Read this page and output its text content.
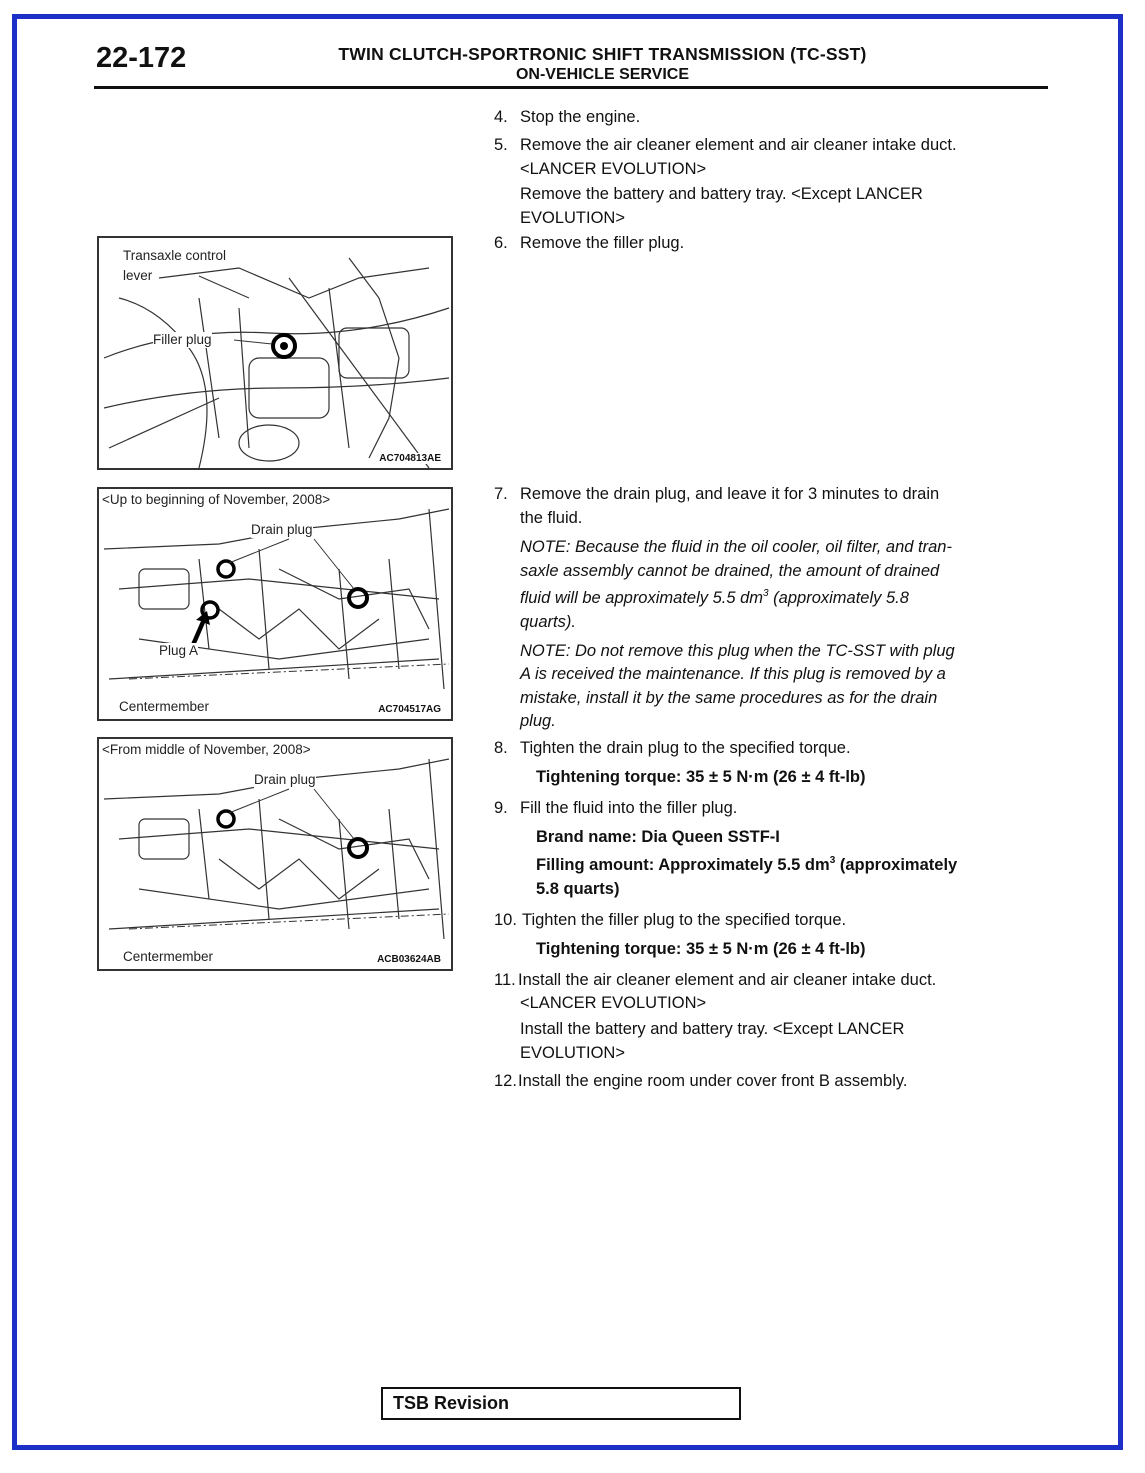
22-172	TWIN CLUTCH-SPORTRONIC SHIFT TRANSMISSION (TC-SST)
ON-VEHICLE SERVICE
Transaxle control
lever
Filler plug
AC704813AE
<Up to beginning of November, 2008>
Drain plug
Plug A
Centermember	AC704517AG
<From middle of November, 2008>
Drain plug
Centermember	ACB03624AB
4. Stop the engine.
5. Remove the air cleaner element and air cleaner intake duct.
<LANCER EVOLUTION>
Remove the battery and battery tray. <Except LANCER
EVOLUTION>
6. Remove the filler plug.
7. Remove the drain plug, and leave it for 3 minutes to drain
the fluid.
NOTE: Because the fluid in the oil cooler, oil filter, and tran-
saxle assembly cannot be drained, the amount of drained
fluid will be approximately 5.5 $dm^3$ (approximately 5.8
quarts).
NOTE: Do not remove this plug when the TC-SST with plug
A is received the maintenance. If this plug is removed by a
mistake, install it by the same procedures as for the drain
plug.
8. Tighten the drain plug to the specified torque.
Tightening torque: 35 ± 5 N·m (26 ± 4 ft-lb)
9. Fill the fluid into the filler plug.
Brand name: Dia Queen SSTF-I
Filling amount: Approximately 5.5 $dm^3$ (approximately
5.8 quarts)
10. Tighten the filler plug to the specified torque.
Tightening torque: 35 ± 5 N·m (26 ± 4 ft-lb)
11. Install the air cleaner element and air cleaner intake duct.
<LANCER EVOLUTION>
Install the battery and battery tray. <Except LANCER
EVOLUTION>
12. Install the engine room under cover front B assembly.
TSB Revision
